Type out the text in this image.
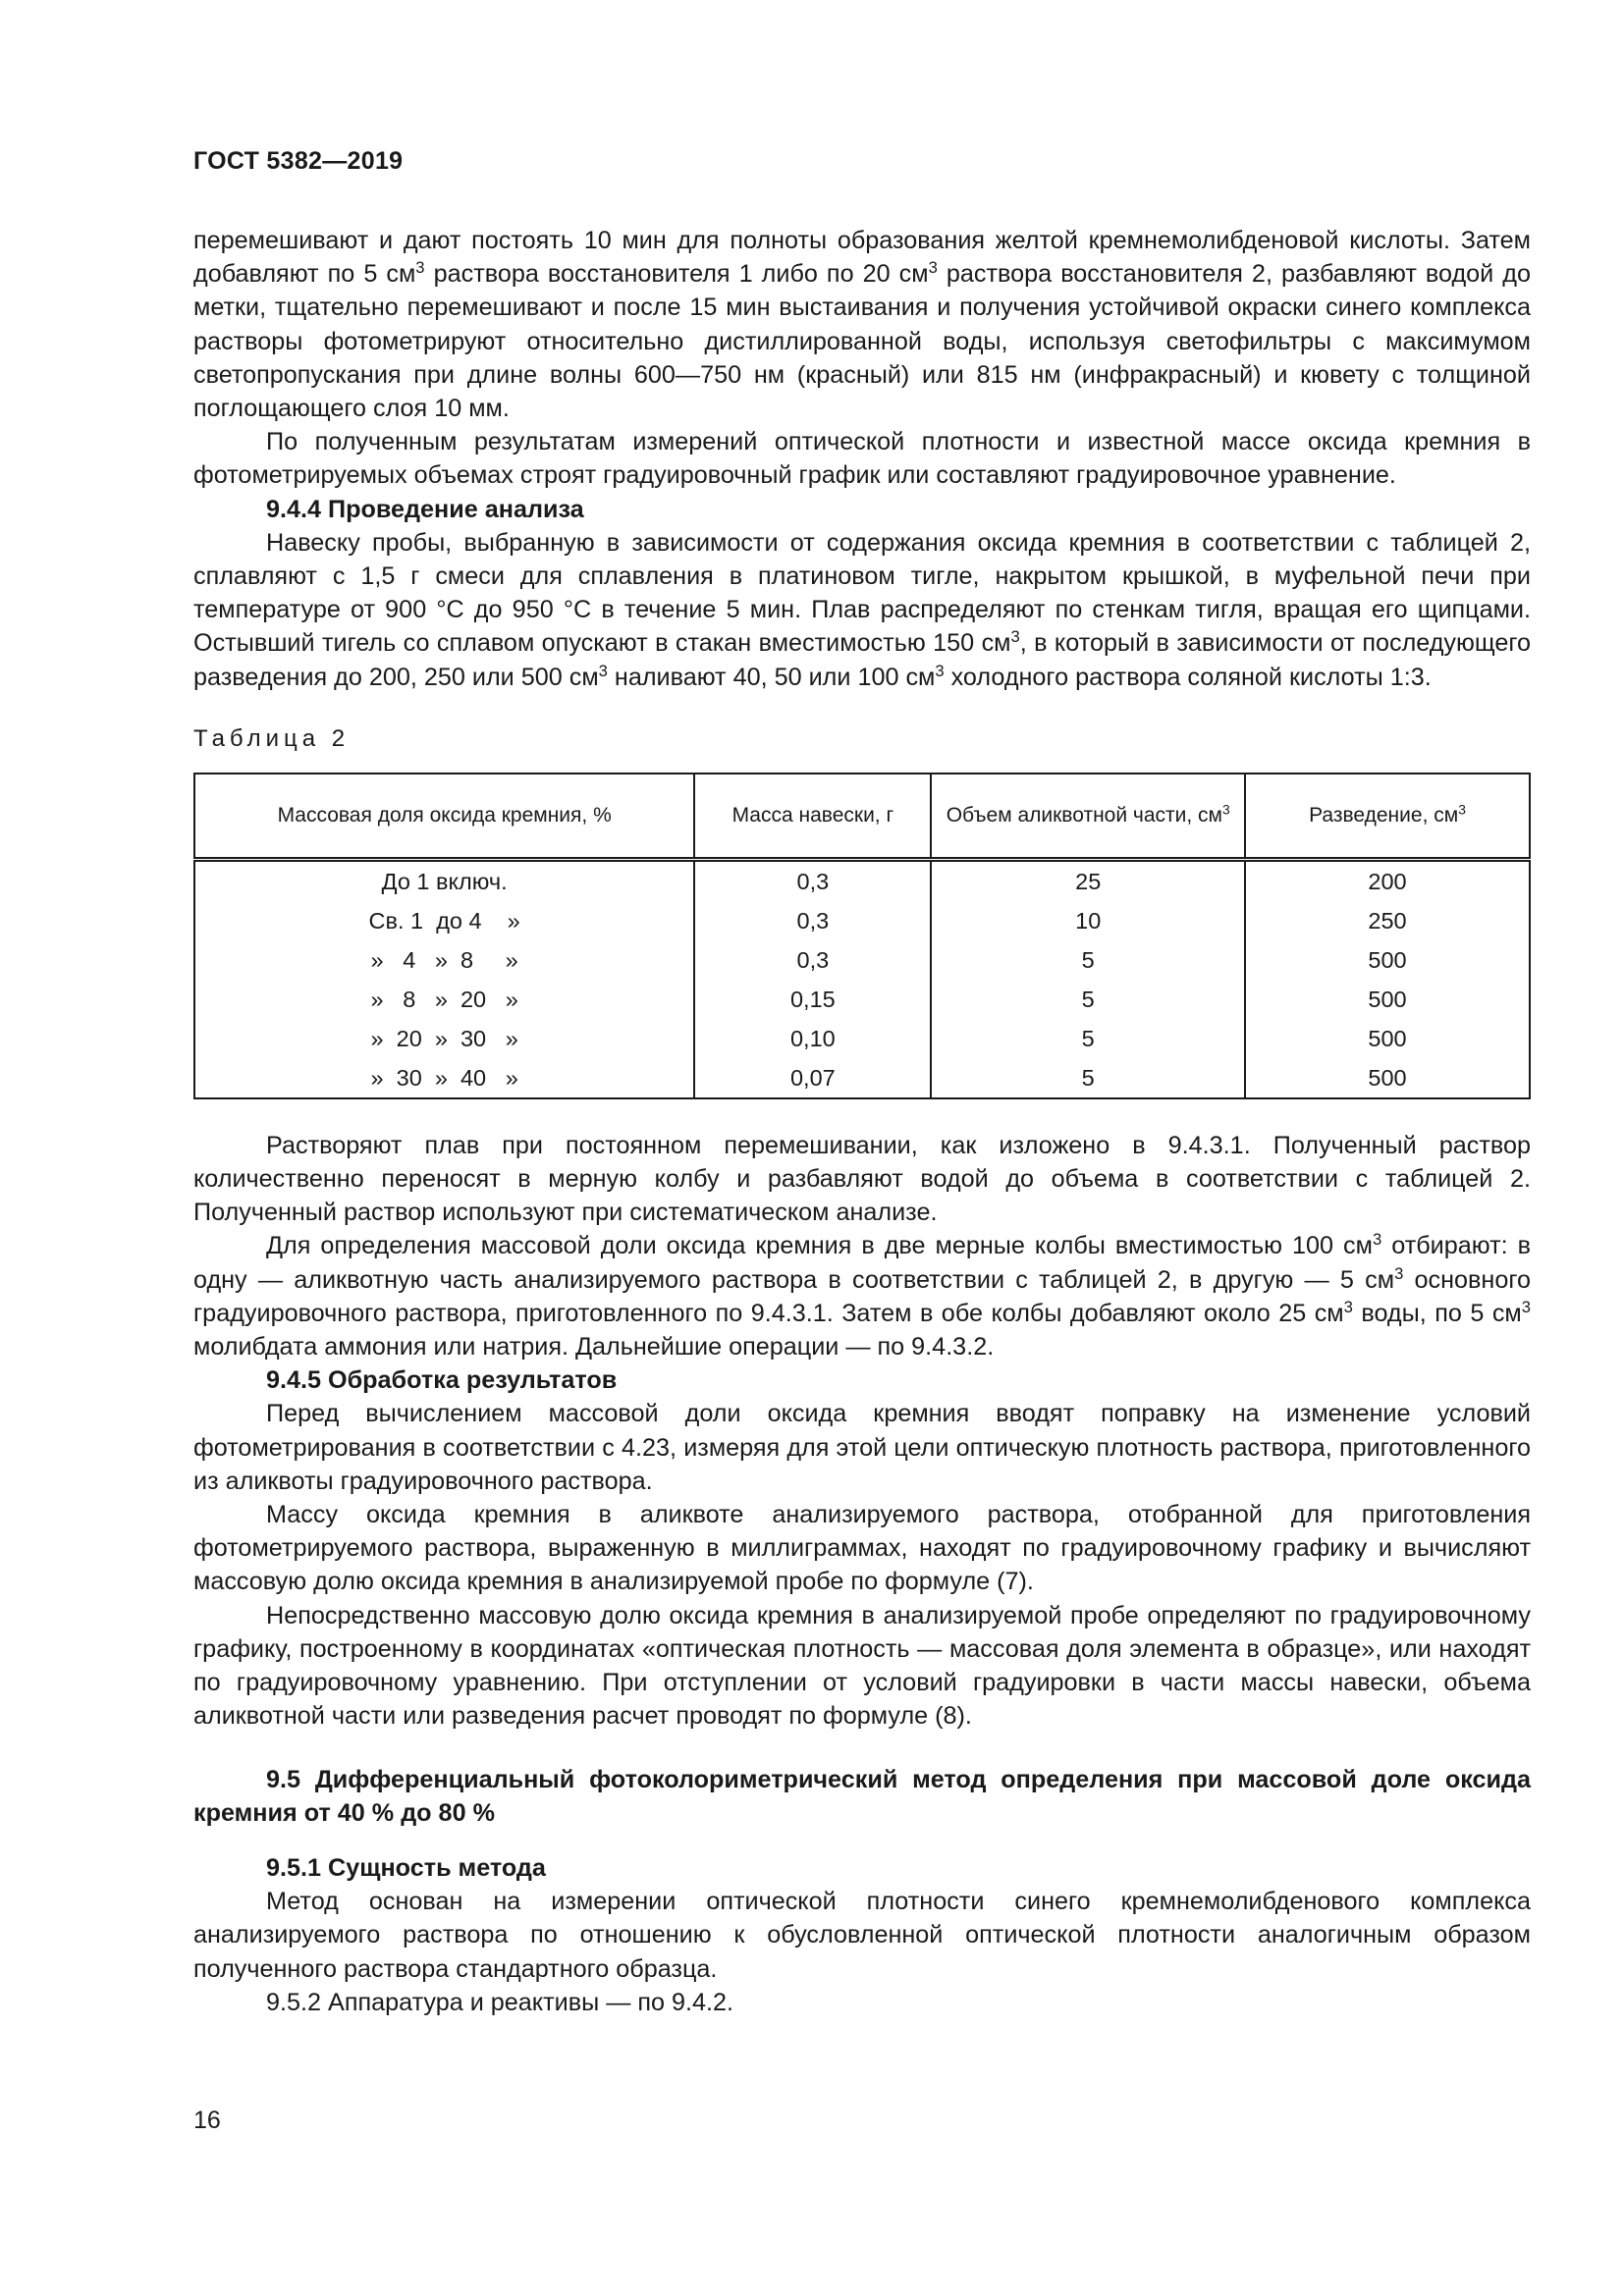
ГОСТ 5382—2019

перемешивают и дают постоять 10 мин для полноты образования желтой кремнемолибденовой кислоты. Затем добавляют по 5 $см^3$ раствора восстановителя 1 либо по 20 $см^3$ раствора восстановителя 2, разбавляют водой до метки, тщательно перемешивают и после 15 мин выстаивания и получения устойчивой окраски синего комплекса растворы фотометрируют относительно дистиллированной воды, используя светофильтры с максимумом светопропускания при длине волны 600—750 нм (красный) или 815 нм (инфракрасный) и кювету с толщиной поглощающего слоя 10 мм.

По полученным результатам измерений оптической плотности и известной массе оксида кремния в фотометрируемых объемах строят градуировочный график или составляют градуировочное уравнение.

9.4.4 Проведение анализа

Навеску пробы, выбранную в зависимости от содержания оксида кремния в соответствии с таблицей 2, сплавляют с 1,5 г смеси для сплавления в платиновом тигле, накрытом крышкой, в муфельной печи при температуре от 900 °С до 950 °С в течение 5 мин. Плав распределяют по стенкам тигля, вращая его щипцами. Остывший тигель со сплавом опускают в стакан вместимостью 150 $см^3$, в который в зависимости от последующего разведения до 200, 250 или 500 $см^3$ наливают 40, 50 или 100 $см^3$ холодного раствора соляной кислоты 1:3.

Таблица 2
Массовая доля оксида кремния, %	Масса навески, г	Объем аликвотной части, $см^3$	Разведение, $см^3$
До 1 включ.	0,3	25	200
Св. 1  до 4    »	0,3	10	250
»   4   »  8     »	0,3	5	500
»   8   »  20   »	0,15	5	500
»  20  »  30   »	0,10	5	500
»  30  »  40   »	0,07	5	500

Растворяют плав при постоянном перемешивании, как изложено в 9.4.3.1. Полученный раствор количественно переносят в мерную колбу и разбавляют водой до объема в соответствии с таблицей 2. Полученный раствор используют при систематическом анализе.

Для определения массовой доли оксида кремния в две мерные колбы вместимостью 100 $см^3$ отбирают: в одну — аликвотную часть анализируемого раствора в соответствии с таблицей 2, в другую — 5 $см^3$ основного градуировочного раствора, приготовленного по 9.4.3.1. Затем в обе колбы добавляют около 25 $см^3$ воды, по 5 $см^3$ молибдата аммония или натрия. Дальнейшие операции — по 9.4.3.2.

9.4.5 Обработка результатов

Перед вычислением массовой доли оксида кремния вводят поправку на изменение условий фотометрирования в соответствии с 4.23, измеряя для этой цели оптическую плотность раствора, приготовленного из аликвоты градуировочного раствора.

Массу оксида кремния в аликвоте анализируемого раствора, отобранной для приготовления фотометрируемого раствора, выраженную в миллиграммах, находят по градуировочному графику и вычисляют массовую долю оксида кремния в анализируемой пробе по формуле (7).

Непосредственно массовую долю оксида кремния в анализируемой пробе определяют по градуировочному графику, построенному в координатах «оптическая плотность — массовая доля элемента в образце», или находят по градуировочному уравнению. При отступлении от условий градуировки в части массы навески, объема аликвотной части или разведения расчет проводят по формуле (8).

9.5 Дифференциальный фотоколориметрический метод определения при массовой доле оксида кремния от 40 % до 80 %

9.5.1 Сущность метода

Метод основан на измерении оптической плотности синего кремнемолибденового комплекса анализируемого раствора по отношению к обусловленной оптической плотности аналогичным образом полученного раствора стандартного образца.

9.5.2 Аппаратура и реактивы — по 9.4.2.

16
